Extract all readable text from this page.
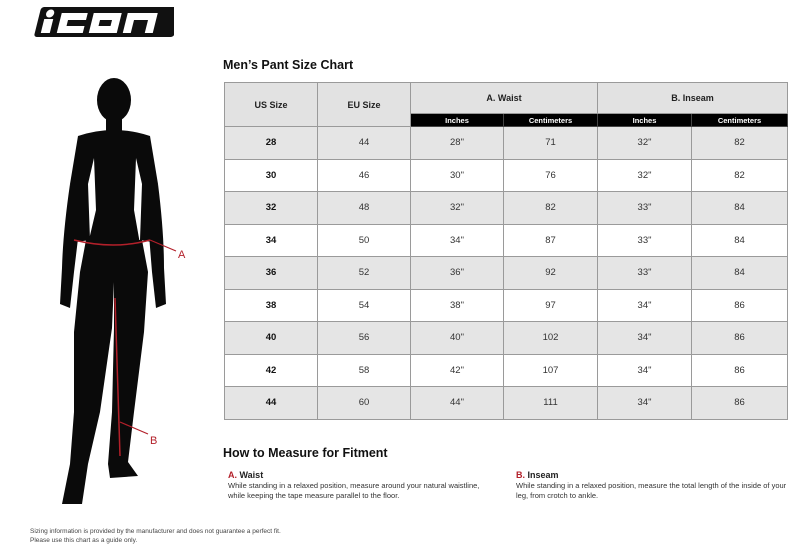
A
B
Men’s Pant Size Chart
US Size	EU Size	A. Waist		B. Inseam	
		Inches	Centimeters	Inches	Centimeters
28	44	28"	71	32"	82
30	46	30"	76	32"	82
32	48	32"	82	33"	84
34	50	34"	87	33"	84
36	52	36"	92	33"	84
38	54	38"	97	34"	86
40	56	40"	102	34"	86
42	58	42"	107	34"	86
44	60	44"	111	34"	86
How to Measure for Fitment
A. Waist
While standing in a relaxed position, measure around your natural waistline, while keeping the tape measure parallel to the floor.
B. Inseam
While standing in a relaxed position, measure the total length of the inside of your leg, from crotch to ankle.
Sizing information is provided by the manufacturer and does not guarantee a perfect fit.
Please use this chart as a guide only.
